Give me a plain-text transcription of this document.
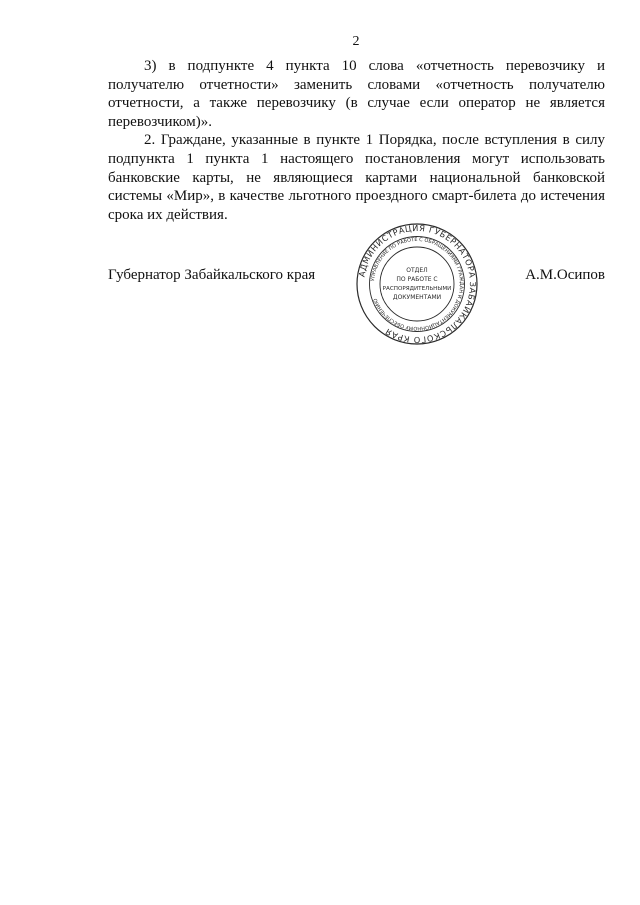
2

3) в подпункте 4 пункта 10 слова «отчетность перевозчику и получателю отчетности» заменить словами «отчетность получателю отчетности, а также перевозчику (в случае если оператор не является перевозчиком)».

2. Граждане, указанные в пункте 1 Порядка, после вступления в силу подпункта 1 пункта 1 настоящего постановления могут использовать банковские карты, не являющиеся картами национальной банковской системы «Мир», в качестве льготного проездного смарт-билета до истечения срока их действия.

Губернатор Забайкальского края	А.М.Осипов
АДМИНИСТРАЦИЯ ГУБЕРНАТОРА ЗАБАЙКАЛЬСКОГО КРАЯ
УПРАВЛЕНИЕ ПО РАБОТЕ С ОБРАЩЕНИЯМИ ГРАЖДАН И ДОКУМЕНТАЦИОННОМУ ОБЕСПЕЧЕНИЮ
ОТДЕЛ
ПО РАБОТЕ С
РАСПОРЯДИТЕЛЬНЫМИ
ДОКУМЕНТАМИ
